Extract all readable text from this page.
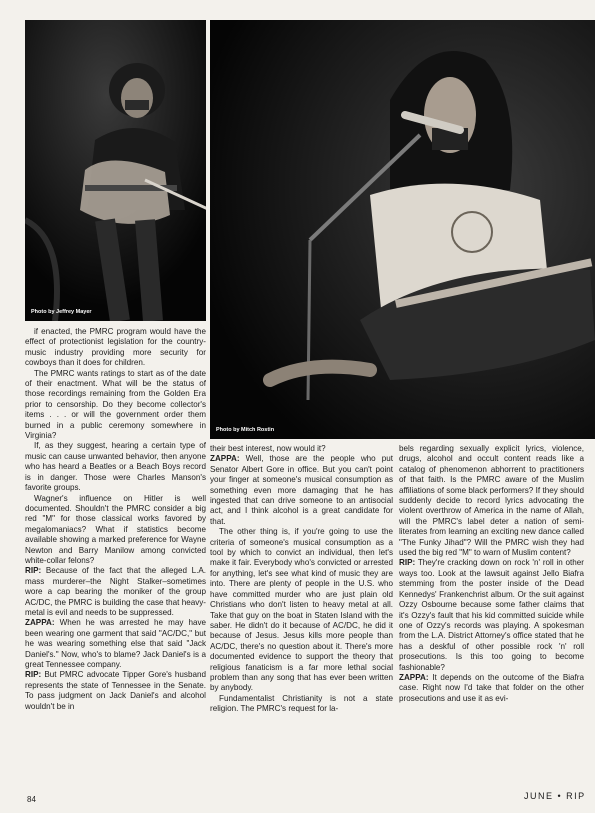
Photo by Jeffrey Mayer
Photo by Mitch Rostin

if enacted, the PMRC program would have the effect of protectionist legislation for the country-music industry providing more security for cowboys than it does for children.

The PMRC wants ratings to start as of the date of their enactment. What will be the status of those recordings remaining from the Golden Era prior to censorship. Do they become collector's items . . . or will the government order them burned in a public ceremony somewhere in Virginia?

If, as they suggest, hearing a certain type of music can cause unwanted behavior, then anyone who has heard a Beatles or a Beach Boys record is in danger. Those were Charles Manson's favorite groups.

Wagner's influence on Hitler is well documented. Shouldn't the PMRC consider a big red "M" for those classical works favored by megalomaniacs? What if statistics become available showing a marked preference for Wayne Newton and Barry Manilow among convicted white-collar felons?

RIP: Because of the fact that the alleged L.A. mass murderer–the Night Stalker–sometimes wore a cap bearing the moniker of the group AC/DC, the PMRC is building the case that heavy-metal is evil and needs to be suppressed.

ZAPPA: When he was arrested he may have been wearing one garment that said "AC/DC," but he was wearing something else that said "Jack Daniel's." Now, who's to blame? Jack Daniel's is a great Tennessee company.

RIP: But PMRC advocate Tipper Gore's husband represents the state of Tennessee in the Senate. To pass judgment on Jack Daniel's and alcohol wouldn't be in

their best interest, now would it?

ZAPPA: Well, those are the people who put Senator Albert Gore in office. But you can't point your finger at someone's musical consumption as something even more damaging that he has ingested that can drive someone to an antisocial act, and I think alcohol is a great candidate for that.

The other thing is, if you're going to use the criteria of someone's musical consumption as a tool by which to convict an individual, then let's make it fair. Everybody who's convicted or arrested for anything, let's see what kind of music they are into. There are plenty of people in the U.S. who have committed murder who are just plain old Christians who don't listen to heavy metal at all. Take that guy on the boat in Staten Island with the saber. He didn't do it because of AC/DC, he did it because of Jesus. Jesus kills more people than AC/DC, there's no question about it. There's more documented evidence to support the theory that religious fanaticism is a far more lethal social problem than any song that has ever been written by anybody.

Fundamentalist Christianity is not a state religion. The PMRC's request for la-

bels regarding sexually explicit lyrics, violence, drugs, alcohol and occult content reads like a catalog of phenomenon abhorrent to practitioners of that faith. Is the PMRC aware of the Muslim affiliations of some black performers? If they should suddenly decide to record lyrics advocating the violent overthrow of America in the name of Allah, will the PMRC's label deter a nation of semi-literates from learning an exciting new dance called "The Funky Jihad"? Will the PMRC wish they had used the big red "M" to warn of Muslim content?

RIP: They're cracking down on rock 'n' roll in other ways too. Look at the lawsuit against Jello Biafra stemming from the poster inside of the Dead Kennedys' Frankenchrist album. Or the suit against Ozzy Osbourne because some father claims that it's Ozzy's fault that his kid committed suicide while one of Ozzy's records was playing. A spokesman from the L.A. District Attorney's office stated that he has a deskful of other possible rock 'n' roll prosecutions. Is this too going to become fashionable?

ZAPPA: It depends on the outcome of the Biafra case. Right now I'd take that folder on the other prosecutions and use it as evi-

84	JUNE • RIP
